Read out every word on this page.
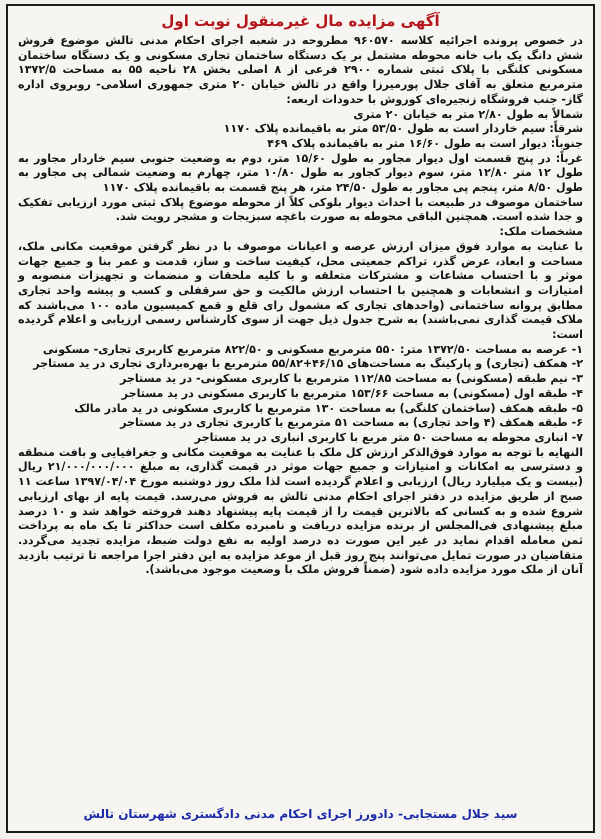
آگهی مزایده مال غیرمنقول نوبت اول

در خصوص پرونده اجرائیه کلاسه ۹۶۰۵۷۰ مطروحه در شعبه اجرای احکام مدنی تالش موضوع فروش شش دانگ یک باب خانه محوطه مشتمل بر یک دستگاه ساختمان تجاری مسکونی و یک دستگاه ساختمان مسکونی کلنگی با پلاک ثبتی شماره ۲۹۰۰ فرعی از ۸ اصلی بخش ۲۸ ناحیه ۵۵ به مساحت ۱۳۷۲/۵ مترمربع متعلق به آقای جلال پورمیرزا واقع در تالش خیابان ۲۰ متری جمهوری اسلامی- روبروی اداره گاز- جنب فروشگاه زنجیره‌ای کوروش با حدودات اربعه:

شمالاً به طول ۲/۸۰ متر به خیابان ۲۰ متری

شرقاً: سیم خاردار است به طول ۵۳/۵۰ متر به باقیمانده پلاک ۱۱۷۰

جنوباً: دیوار است به طول ۱۶/۶۰ متر به باقیمانده پلاک ۴۶۹

غرباً: در پنج قسمت اول دیوار مجاور به طول ۱۵/۶۰ متر، دوم به وضعیت جنوبی سیم خاردار مجاور به طول ۱۲ متر ۱۲/۸۰ متر، سوم دیوار کجاور به طول ۱۰/۸۰ متر، چهارم به وضعیت شمالی پی مجاور به طول ۸/۵۰ متر، پنجم پی مجاور به طول ۲۴/۵۰ متر، هر پنج قسمت به باقیمانده پلاک ۱۱۷۰

ساختمان موصوف در طبیعت با احداث دیوار بلوکی کلاً از محوطه موضوع پلاک ثبتی مورد ارزیابی تفکیک و جدا شده است. همچنین الباقی محوطه به صورت باغچه سبزیجات و مشجر رویت شد.

مشخصات ملک:

با عنایت به موارد فوق میزان ارزش عرصه و اعیانات موصوف با در نظر گرفتن موقعیت مکانی ملک، مساحت و ابعاد، عرض گذر، تراکم جمعیتی محل، کیفیت ساخت و ساز، قدمت و عمر بنا و جمیع جهات موثر و با احتساب مشاعات و مشترکات متعلقه و با کلیه ملحقات و منضمات و تجهیزات منصوبه و امتیازات و انشعابات و همچنین با احتساب ارزش مالکیت و حق سرقفلی و کسب و پیشه واحد تجاری مطابق پروانه ساختمانی (واحدهای تجاری که مشمول رای قلع و قمع کمیسیون ماده ۱۰۰ می‌باشند که ملاک قیمت گذاری نمی‌باشند) به شرح جدول ذیل جهت از سوی کارشناس رسمی ارزیابی و اعلام گردیده است:

۱- عرصه به مساحت ۱۳۷۲/۵۰ متر: ۵۵۰ مترمربع مسکونی و ۸۲۲/۵۰ مترمربع کاربری تجاری- مسکونی

۲- همکف (تجاری) و پارکینگ به مساحت‌های ۴۶/۱۵+۵۵/۸۲ مترمربع با بهره‌برداری تجاری در ید مستاجر

۳- نیم طبقه (مسکونی) به مساحت ۱۱۲/۸۵ مترمربع با کاربری مسکونی- در ید مستاجر

۴- طبقه اول (مسکونی) به مساحت ۱۵۳/۶۶ مترمربع با کاربری مسکونی در ید مستاجر

۵- طبقه همکف (ساختمان کلنگی) به مساحت ۱۳۰ مترمربع با کاربری مسکونی در ید مادر مالک

۶- طبقه همکف (۴ واحد تجاری) به مساحت ۵۱ مترمربع با کاربری تجاری در ید مستاجر

۷- انباری محوطه به مساحت ۵۰ متر مربع با کاربری انباری در ید مستاجر

النهایه با توجه به موارد فوق‌الذکر ارزش کل ملک با عنایت به موقعیت مکانی و جغرافیایی و بافت منطقه و دسترسی به امکانات و امتیازات و جمیع جهات موثر در قیمت گذاری، به مبلغ ۲۱/۰۰۰/۰۰۰/۰۰۰ ریال (بیست و یک میلیارد ریال) ارزیابی و اعلام گردیده است لذا ملک روز دوشنبه مورخ ۱۳۹۷/۰۴/۰۴ ساعت ۱۱ صبح از طریق مزایده در دفتر اجرای احکام مدنی تالش به فروش می‌رسد. قیمت پایه از بهای ارزیابی شروع شده و به کسانی که بالاترین قیمت را از قیمت پایه پیشنهاد دهند فروخته خواهد شد و ۱۰ درصد مبلغ پیشنهادی فی‌المجلس از برنده مزایده دریافت و نامبرده مکلف است حداکثر تا یک ماه به پرداخت ثمن معامله اقدام نماید در غیر این صورت ده درصد اولیه به نفع دولت ضبط، مزایده تجدید می‌گردد. متقاضیان در صورت تمایل می‌توانند پنج روز قبل از موعد مزایده به این دفتر اجرا مراجعه تا ترتیب بازدید آنان از ملک مورد مزایده داده شود (ضمناً فروش ملک با وضعیت موجود می‌باشد).

سید جلال مستجابی- دادورز اجرای احکام مدنی دادگستری شهرستان تالش
